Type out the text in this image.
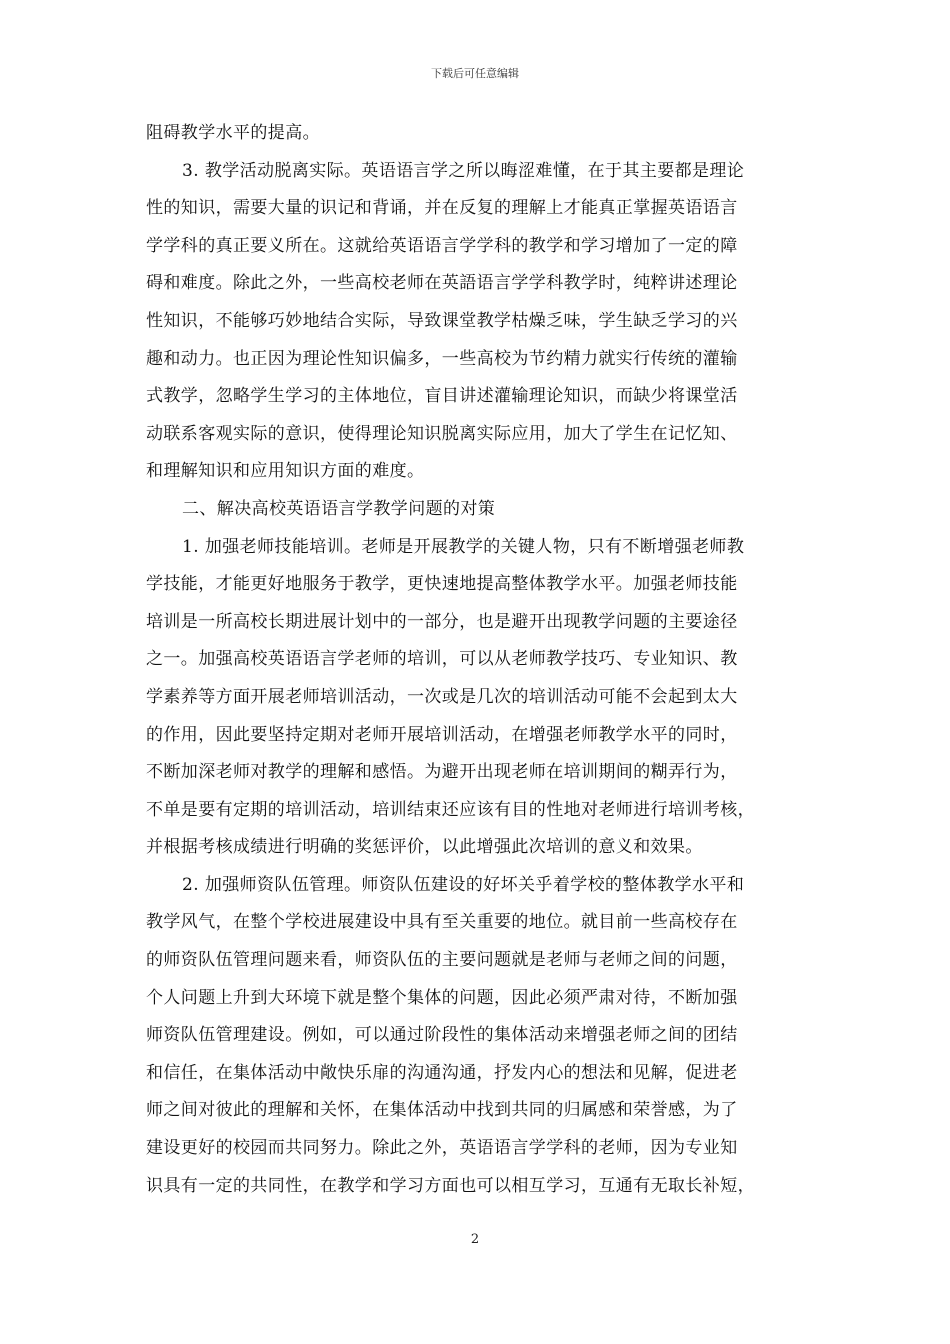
下载后可任意编辑
阻碍教学水平的提高。
3. 教学活动脱离实际。英语语言学之所以晦涩难懂，在于其主要都是理论
性的知识，需要大量的识记和背诵，并在反复的理解上才能真正掌握英语语言
学学科的真正要义所在。这就给英语语言学学科的教学和学习增加了一定的障
碍和难度。除此之外，一些高校老师在英語语言学学科教学时，纯粹讲述理论
性知识，不能够巧妙地结合实际，导致课堂教学枯燥乏味，学生缺乏学习的兴
趣和动力。也正因为理论性知识偏多，一些高校为节约精力就实行传统的灌输
式教学，忽略学生学习的主体地位，盲目讲述灌输理论知识，而缺少将课堂活
动联系客观实际的意识，使得理论知识脱离实际应用，加大了学生在记忆知、
和理解知识和应用知识方面的难度。
二、解决高校英语语言学教学问题的对策
1. 加强老师技能培训。老师是开展教学的关键人物，只有不断增强老师教
学技能，才能更好地服务于教学，更快速地提高整体教学水平。加强老师技能
培训是一所高校长期进展计划中的一部分，也是避开出现教学问题的主要途径
之一。加强高校英语语言学老师的培训，可以从老师教学技巧、专业知识、教
学素养等方面开展老师培训活动，一次或是几次的培训活动可能不会起到太大
的作用，因此要坚持定期对老师开展培训活动，在增强老师教学水平的同时，
不断加深老师对教学的理解和感悟。为避开出现老师在培训期间的糊弄行为，
不单是要有定期的培训活动，培训结束还应该有目的性地对老师进行培训考核，
并根据考核成绩进行明确的奖惩评价，以此增强此次培训的意义和效果。
2. 加强师资队伍管理。师资队伍建设的好坏关乎着学校的整体教学水平和
教学风气，在整个学校进展建设中具有至关重要的地位。就目前一些高校存在
的师资队伍管理问题来看，师资队伍的主要问题就是老师与老师之间的问题，
个人问题上升到大环境下就是整个集体的问题，因此必须严肃对待，不断加强
师资队伍管理建设。例如，可以通过阶段性的集体活动来增强老师之间的团结
和信任，在集体活动中敞快乐扉的沟通沟通，抒发内心的想法和见解，促进老
师之间对彼此的理解和关怀，在集体活动中找到共同的归属感和荣誉感，为了
建设更好的校园而共同努力。除此之外，英语语言学学科的老师，因为专业知
识具有一定的共同性，在教学和学习方面也可以相互学习，互通有无取长补短，
2
